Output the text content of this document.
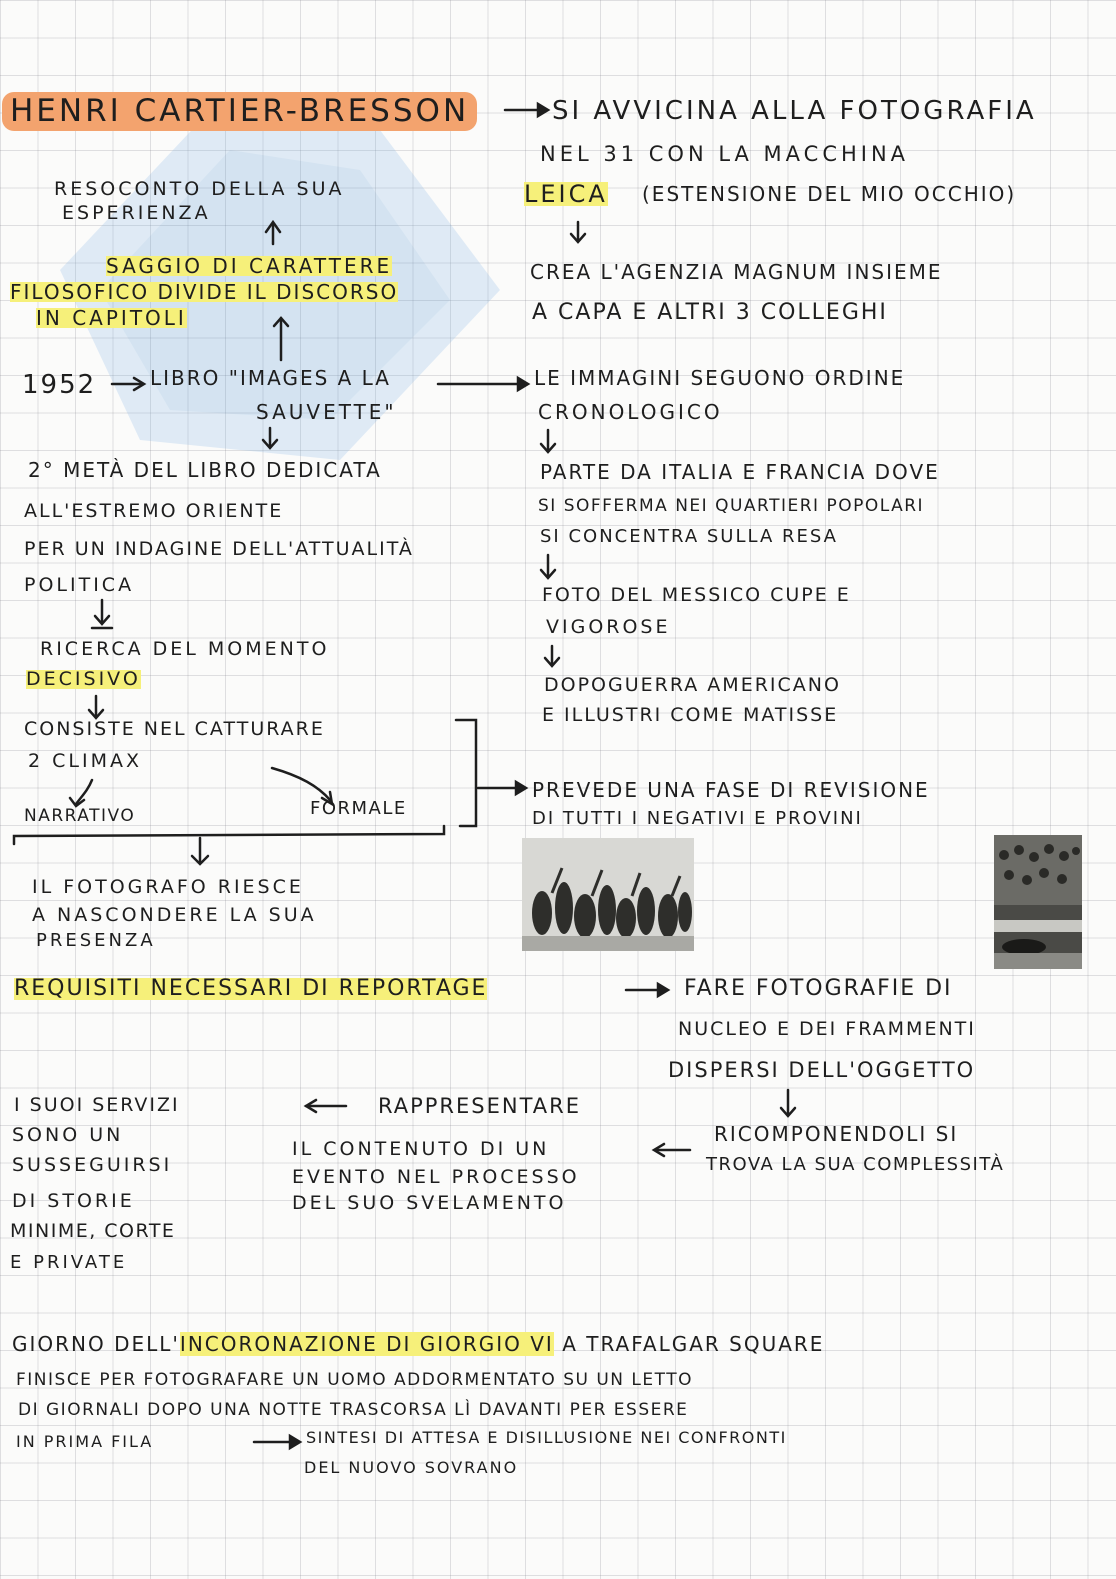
HENRI CARTIER-BRESSON	SI AVVICINA ALLA FOTOGRAFIA
NEL 31 CON LA MACCHINA
LEICA (ESTENSIONE DEL MIO OCCHIO)
RESOCONTO DELLA SUA
ESPERIENZA
CREA L'AGENZIA MAGNUM INSIEME
A CAPA E ALTRI 3 COLLEGHI
SAGGIO DI CARATTERE
FILOSOFICO DIVIDE IL DISCORSO
IN CAPITOLI
1952	LIBRO "IMAGES A LA
SAUVETTE"
LE IMMAGINI SEGUONO ORDINE
CRONOLOGICO
2° METÀ DEL LIBRO DEDICATA
ALL'ESTREMO ORIENTE
PER UN INDAGINE DELL'ATTUALITÀ
POLITICA
PARTE DA ITALIA E FRANCIA DOVE
SI SOFFERMA NEI QUARTIERI POPOLARI
SI CONCENTRA SULLA RESA
FOTO DEL MESSICO CUPE E
VIGOROSE
DOPOGUERRA AMERICANO
E ILLUSTRI COME MATISSE
RICERCA DEL MOMENTO
DECISIVO
CONSISTE NEL CATTURARE
2 CLIMAX
NARRATIVO	FORMALE
PREVEDE UNA FASE DI REVISIONE
DI TUTTI I NEGATIVI E PROVINI
IL FOTOGRAFO RIESCE
A NASCONDERE LA SUA
PRESENZA
REQUISITI NECESSARI DI REPORTAGE	FARE FOTOGRAFIE DI
NUCLEO E DEI FRAMMENTI
DISPERSI DELL'OGGETTO
I SUOI SERVIZI
SONO UN
SUSSEGUIRSI
DI STORIE
MINIME, CORTE
E PRIVATE
RAPPRESENTARE
IL CONTENUTO DI UN
EVENTO NEL PROCESSO
DEL SUO SVELAMENTO
RICOMPONENDOLI SI
TROVA LA SUA COMPLESSITÀ
GIORNO DELL'INCORONAZIONE DI GIORGIO VI A TRAFALGAR SQUARE
FINISCE PER FOTOGRAFARE UN UOMO ADDORMENTATO SU UN LETTO
DI GIORNALI DOPO UNA NOTTE TRASCORSA LÌ DAVANTI PER ESSERE
IN PRIMA FILA	SINTESI DI ATTESA E DISILLUSIONE NEI CONFRONTI
DEL NUOVO SOVRANO
